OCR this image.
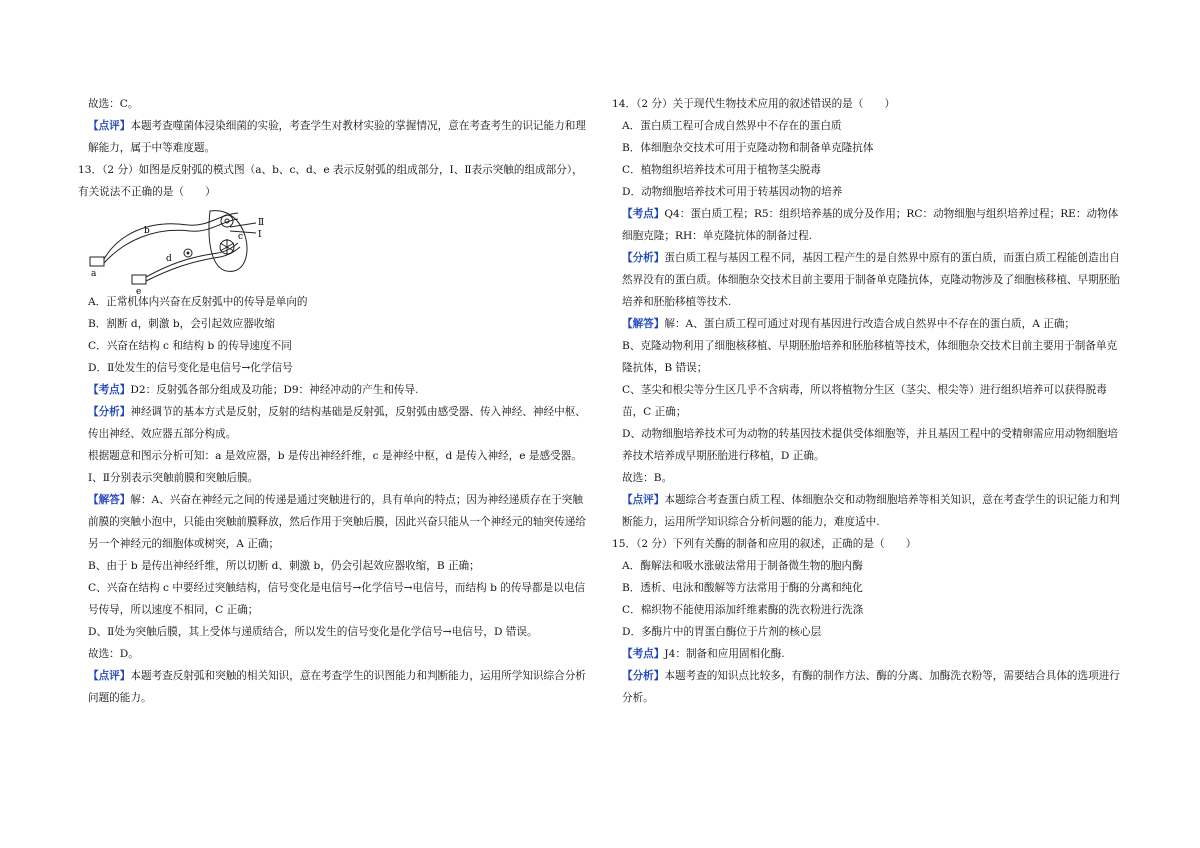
故选：C。

【点评】本题考查噬菌体浸染细菌的实验，考查学生对教材实验的掌握情况，意在考查考生的识记能力和理解能力，属于中等难度题。

13．（2 分）如图是反射弧的模式图（a、b、c、d、e 表示反射弧的组成部分，Ⅰ、Ⅱ表示突触的组成部分），有关说法不正确的是（　　）

a
b
c
d
e
Ⅱ
Ⅰ

A．正常机体内兴奋在反射弧中的传导是单向的

B．割断 d，刺激 b，会引起效应器收缩

C．兴奋在结构 c 和结构 b 的传导速度不同

D．Ⅱ处发生的信号变化是电信号→化学信号

【考点】D2：反射弧各部分组成及功能；D9：神经冲动的产生和传导.

【分析】神经调节的基本方式是反射，反射的结构基础是反射弧，反射弧由感受器、传入神经、神经中枢、传出神经、效应器五部分构成。

根据题意和图示分析可知：a 是效应器，b 是传出神经纤维，c 是神经中枢，d 是传入神经，e 是感受器。Ⅰ、Ⅱ分别表示突触前膜和突触后膜。

【解答】解：A、兴奋在神经元之间的传递是通过突触进行的，具有单向的特点；因为神经递质存在于突触前膜的突触小泡中，只能由突触前膜释放，然后作用于突触后膜，因此兴奋只能从一个神经元的轴突传递给另一个神经元的细胞体或树突，A 正确；

B、由于 b 是传出神经纤维，所以切断 d、刺激 b，仍会引起效应器收缩，B 正确；

C、兴奋在结构 c 中要经过突触结构，信号变化是电信号→化学信号→电信号，而结构 b 的传导都是以电信号传导，所以速度不相同，C 正确；

D、Ⅱ处为突触后膜，其上受体与递质结合，所以发生的信号变化是化学信号→电信号，D 错误。

故选：D。

【点评】本题考查反射弧和突触的相关知识，意在考查学生的识图能力和判断能力，运用所学知识综合分析问题的能力。

14．（2 分）关于现代生物技术应用的叙述错误的是（　　）

A．蛋白质工程可合成自然界中不存在的蛋白质

B．体细胞杂交技术可用于克隆动物和制备单克隆抗体

C．植物组织培养技术可用于植物茎尖脱毒

D．动物细胞培养技术可用于转基因动物的培养

【考点】Q4：蛋白质工程；R5：组织培养基的成分及作用；RC：动物细胞与组织培养过程；RE：动物体细胞克隆；RH：单克隆抗体的制备过程.

【分析】蛋白质工程与基因工程不同，基因工程产生的是自然界中原有的蛋白质，而蛋白质工程能创造出自然界没有的蛋白质。体细胞杂交技术目前主要用于制备单克隆抗体，克隆动物涉及了细胞核移植、早期胚胎培养和胚胎移植等技术.

【解答】解：A、蛋白质工程可通过对现有基因进行改造合成自然界中不存在的蛋白质，A 正确；

B、克隆动物利用了细胞核移植、早期胚胎培养和胚胎移植等技术，体细胞杂交技术目前主要用于制备单克隆抗体，B 错误；

C、茎尖和根尖等分生区几乎不含病毒，所以将植物分生区（茎尖、根尖等）进行组织培养可以获得脱毒苗，C 正确；

D、动物细胞培养技术可为动物的转基因技术提供受体细胞等，并且基因工程中的受精卵需应用动物细胞培养技术培养成早期胚胎进行移植，D 正确。

故选：B。

【点评】本题综合考查蛋白质工程、体细胞杂交和动物细胞培养等相关知识，意在考查学生的识记能力和判断能力，运用所学知识综合分析问题的能力，难度适中.

15．（2 分）下列有关酶的制备和应用的叙述，正确的是（　　）

A．酶解法和吸水涨破法常用于制备微生物的胞内酶

B．透析、电泳和酸解等方法常用于酶的分离和纯化

C．棉织物不能使用添加纤维素酶的洗衣粉进行洗涤

D．多酶片中的胃蛋白酶位于片剂的核心层

【考点】J4：制备和应用固相化酶.

【分析】本题考查的知识点比较多，有酶的制作方法、酶的分离、加酶洗衣粉等，需要结合具体的选项进行分析。
